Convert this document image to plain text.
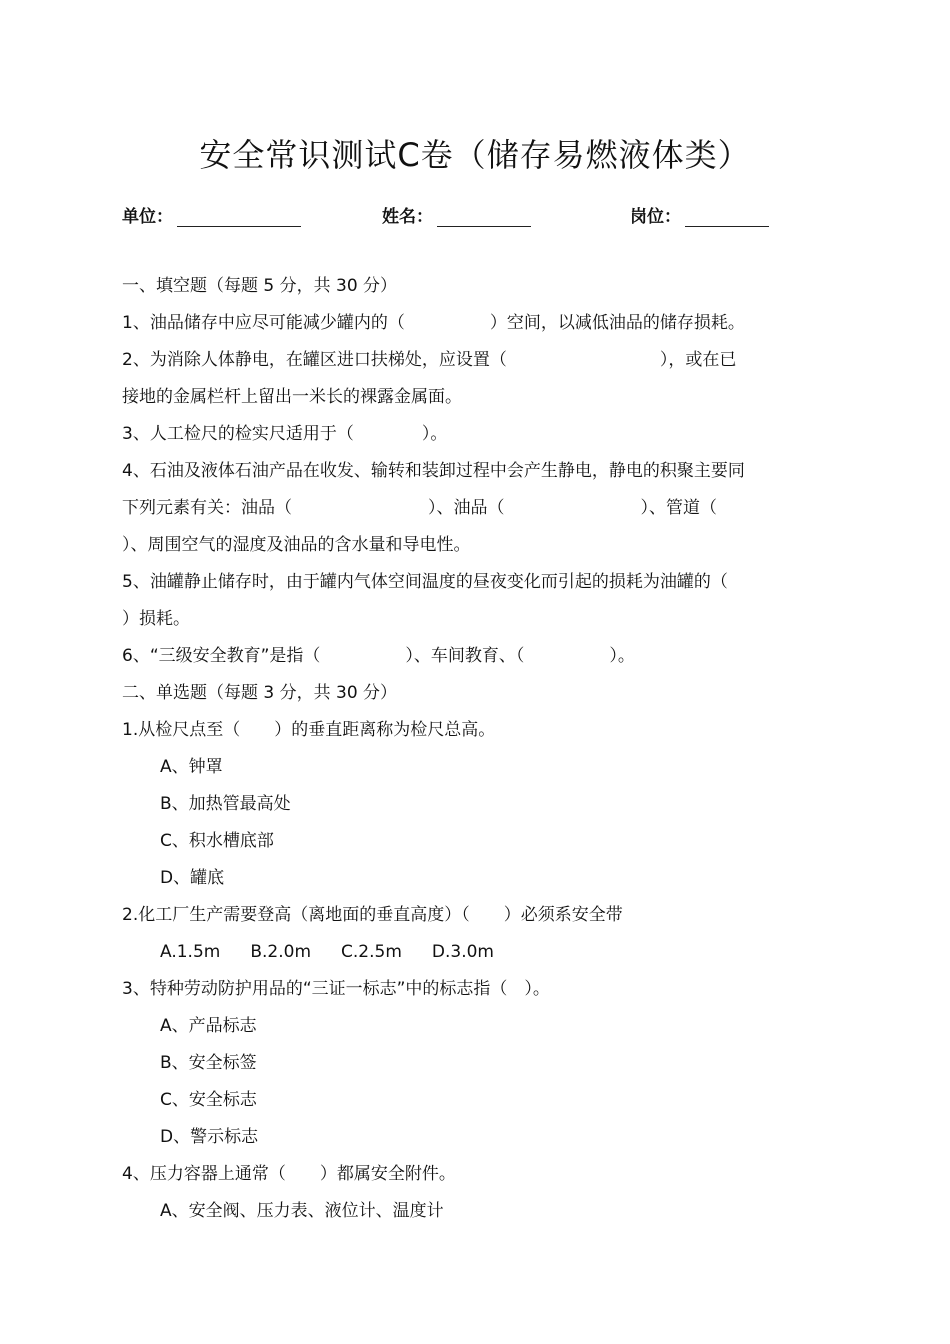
安全常识测试C卷（储存易燃液体类）
单位：	姓名：	岗位：
一、填空题（每题 5 分，共 30 分）
1、油品储存中应尽可能减少罐内的（　　　　　）空间，以减低油品的储存损耗。
2、为消除人体静电，在罐区进口扶梯处，应设置（　　　　　　　　　），或在已
接地的金属栏杆上留出一米长的裸露金属面。
3、人工检尺的检实尺适用于（　　　　）。
4、石油及液体石油产品在收发、输转和装卸过程中会产生静电，静电的积聚主要同
下列元素有关：油品（　　　　　　　　）、油品（　　　　　　　　）、管道（
）、周围空气的湿度及油品的含水量和导电性。
5、油罐静止储存时，由于罐内气体空间温度的昼夜变化而引起的损耗为油罐的（
）损耗。
6、“三级安全教育”是指（　　　　　）、车间教育、（　　　　　）。
二、单选题（每题 3 分，共 30 分）
1.从检尺点至（　　）的垂直距离称为检尺总高。
A、钟罩
B、加热管最高处
C、积水槽底部
D、罐底
2.化工厂生产需要登高（离地面的垂直高度）（　　）必须系安全带
A.1.5m B.2.0m C.2.5m D.3.0m
3、特种劳动防护用品的“三证一标志”中的标志指（　）。
A、产品标志
B、安全标签
C、安全标志
D、警示标志
4、压力容器上通常（　　）都属安全附件。
A、安全阀、压力表、液位计、温度计
